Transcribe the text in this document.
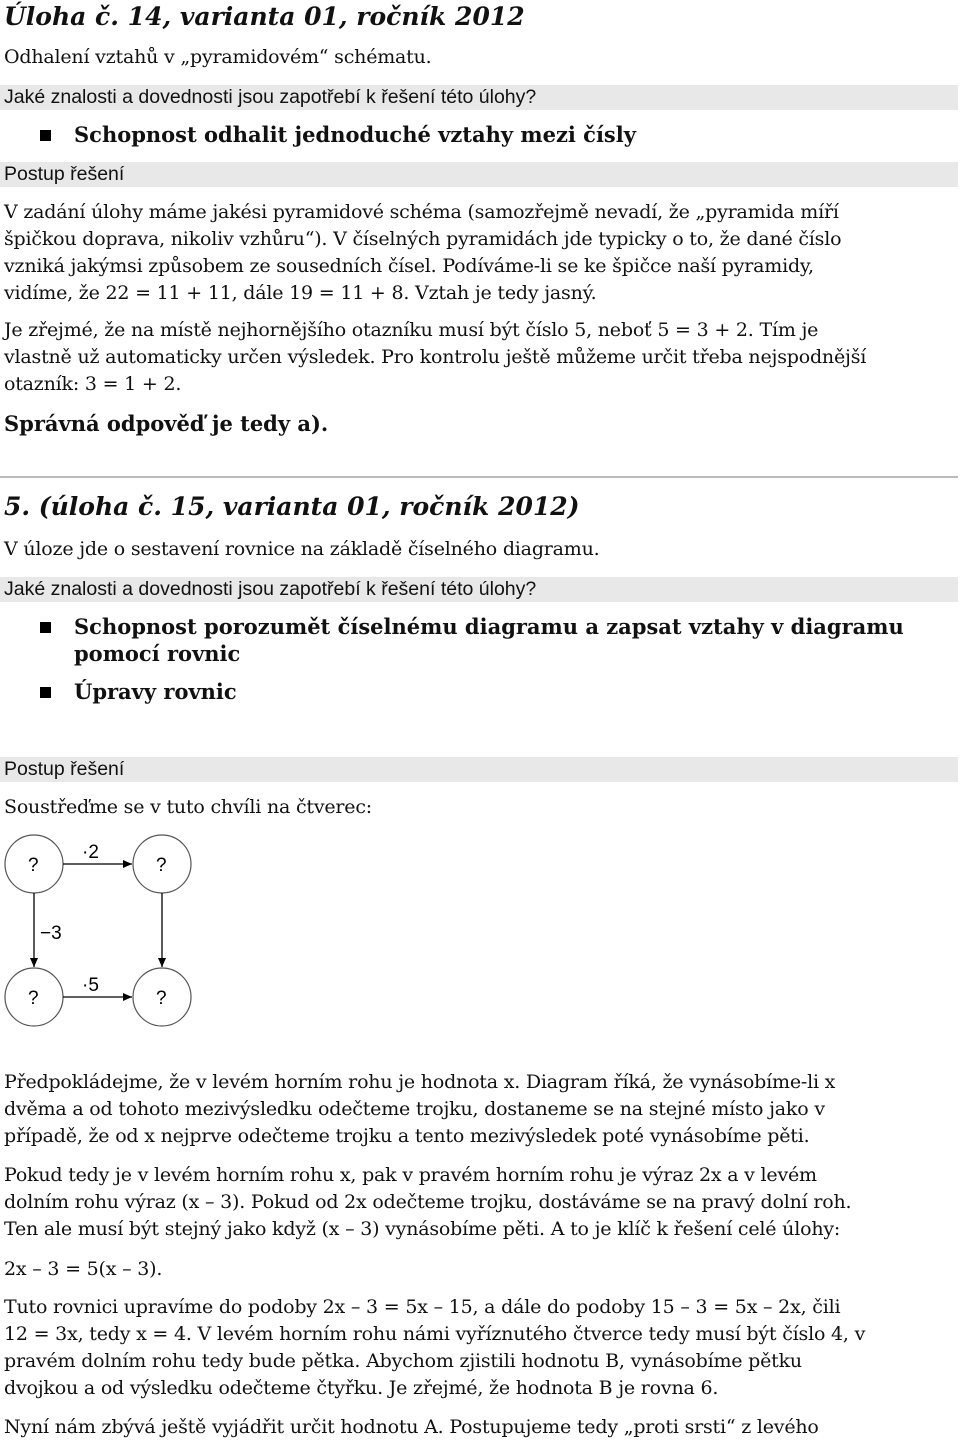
Úloha č. 14, varianta 01, ročník 2012
Odhalení vztahů v „pyramidovém“ schématu.
Jaké znalosti a dovednosti jsou zapotřebí k řešení této úlohy?
Schopnost odhalit jednoduché vztahy mezi čísly
Postup řešení
V zadání úlohy máme jakési pyramidové schéma (samozřejmě nevadí, že „pyramida míří
špičkou doprava, nikoliv vzhůru“). V číselných pyramidách jde typicky o to, že dané číslo
vzniká jakýmsi způsobem ze sousedních čísel. Podíváme-li se ke špičce naší pyramidy,
vidíme, že 22 = 11 + 11, dále 19 = 11 + 8. Vztah je tedy jasný.
Je zřejmé, že na místě nejhornějšího otazníku musí být číslo 5, neboť 5 = 3 + 2. Tím je
vlastně už automaticky určen výsledek. Pro kontrolu ještě můžeme určit třeba nejspodnější
otazník: 3 = 1 + 2.
Správná odpověď je tedy a).
5. (úloha č. 15, varianta 01, ročník 2012)
V úloze jde o sestavení rovnice na základě číselného diagramu.
Jaké znalosti a dovednosti jsou zapotřebí k řešení této úlohy?
Schopnost porozumět číselnému diagramu a zapsat vztahy v diagramu
pomocí rovnic
Úpravy rovnic
Postup řešení
Soustřeďme se v tuto chvíli na čtverec:
?	?
?	?
·2
−3
·5
Předpokládejme, že v levém horním rohu je hodnota x. Diagram říká, že vynásobíme-li x
dvěma a od tohoto mezivýsledku odečteme trojku, dostaneme se na stejné místo jako v
případě, že od x nejprve odečteme trojku a tento mezivýsledek poté vynásobíme pěti.
Pokud tedy je v levém horním rohu x, pak v pravém horním rohu je výraz 2x a v levém
dolním rohu výraz (x – 3). Pokud od 2x odečteme trojku, dostáváme se na pravý dolní roh.
Ten ale musí být stejný jako když (x – 3) vynásobíme pěti. A to je klíč k řešení celé úlohy:
2x – 3 = 5(x – 3).
Tuto rovnici upravíme do podoby 2x – 3 = 5x – 15, a dále do podoby 15 – 3 = 5x – 2x, čili
12 = 3x, tedy x = 4. V levém horním rohu námi vyříznutého čtverce tedy musí být číslo 4, v
pravém dolním rohu tedy bude pětka. Abychom zjistili hodnotu B, vynásobíme pětku
dvojkou a od výsledku odečteme čtyřku. Je zřejmé, že hodnota B je rovna 6.
Nyní nám zbývá ještě vyjádřit určit hodnotu A. Postupujeme tedy „proti srsti“ z levého
